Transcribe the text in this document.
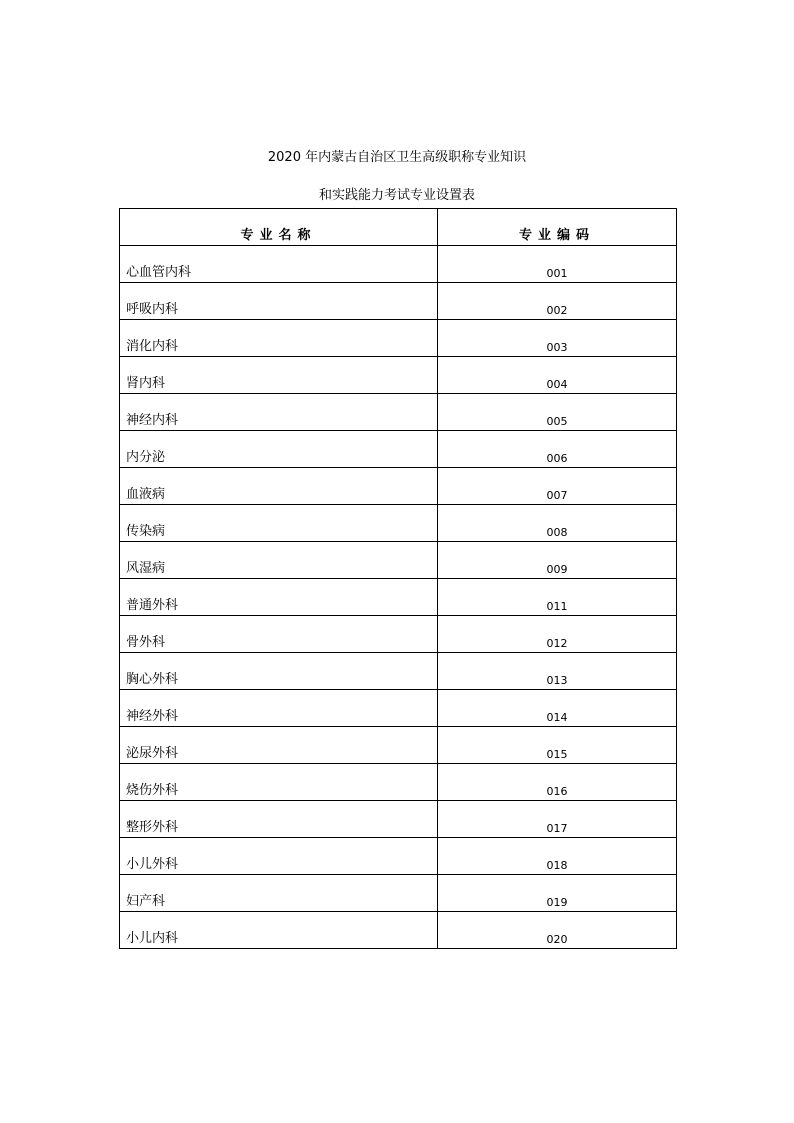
2020 年内蒙古自治区卫生高级职称专业知识
和实践能力考试专业设置表
专业名称	专业编码
心血管内科	001
呼吸内科	002
消化内科	003
肾内科	004
神经内科	005
内分泌	006
血液病	007
传染病	008
风湿病	009
普通外科	011
骨外科	012
胸心外科	013
神经外科	014
泌尿外科	015
烧伤外科	016
整形外科	017
小儿外科	018
妇产科	019
小儿内科	020
